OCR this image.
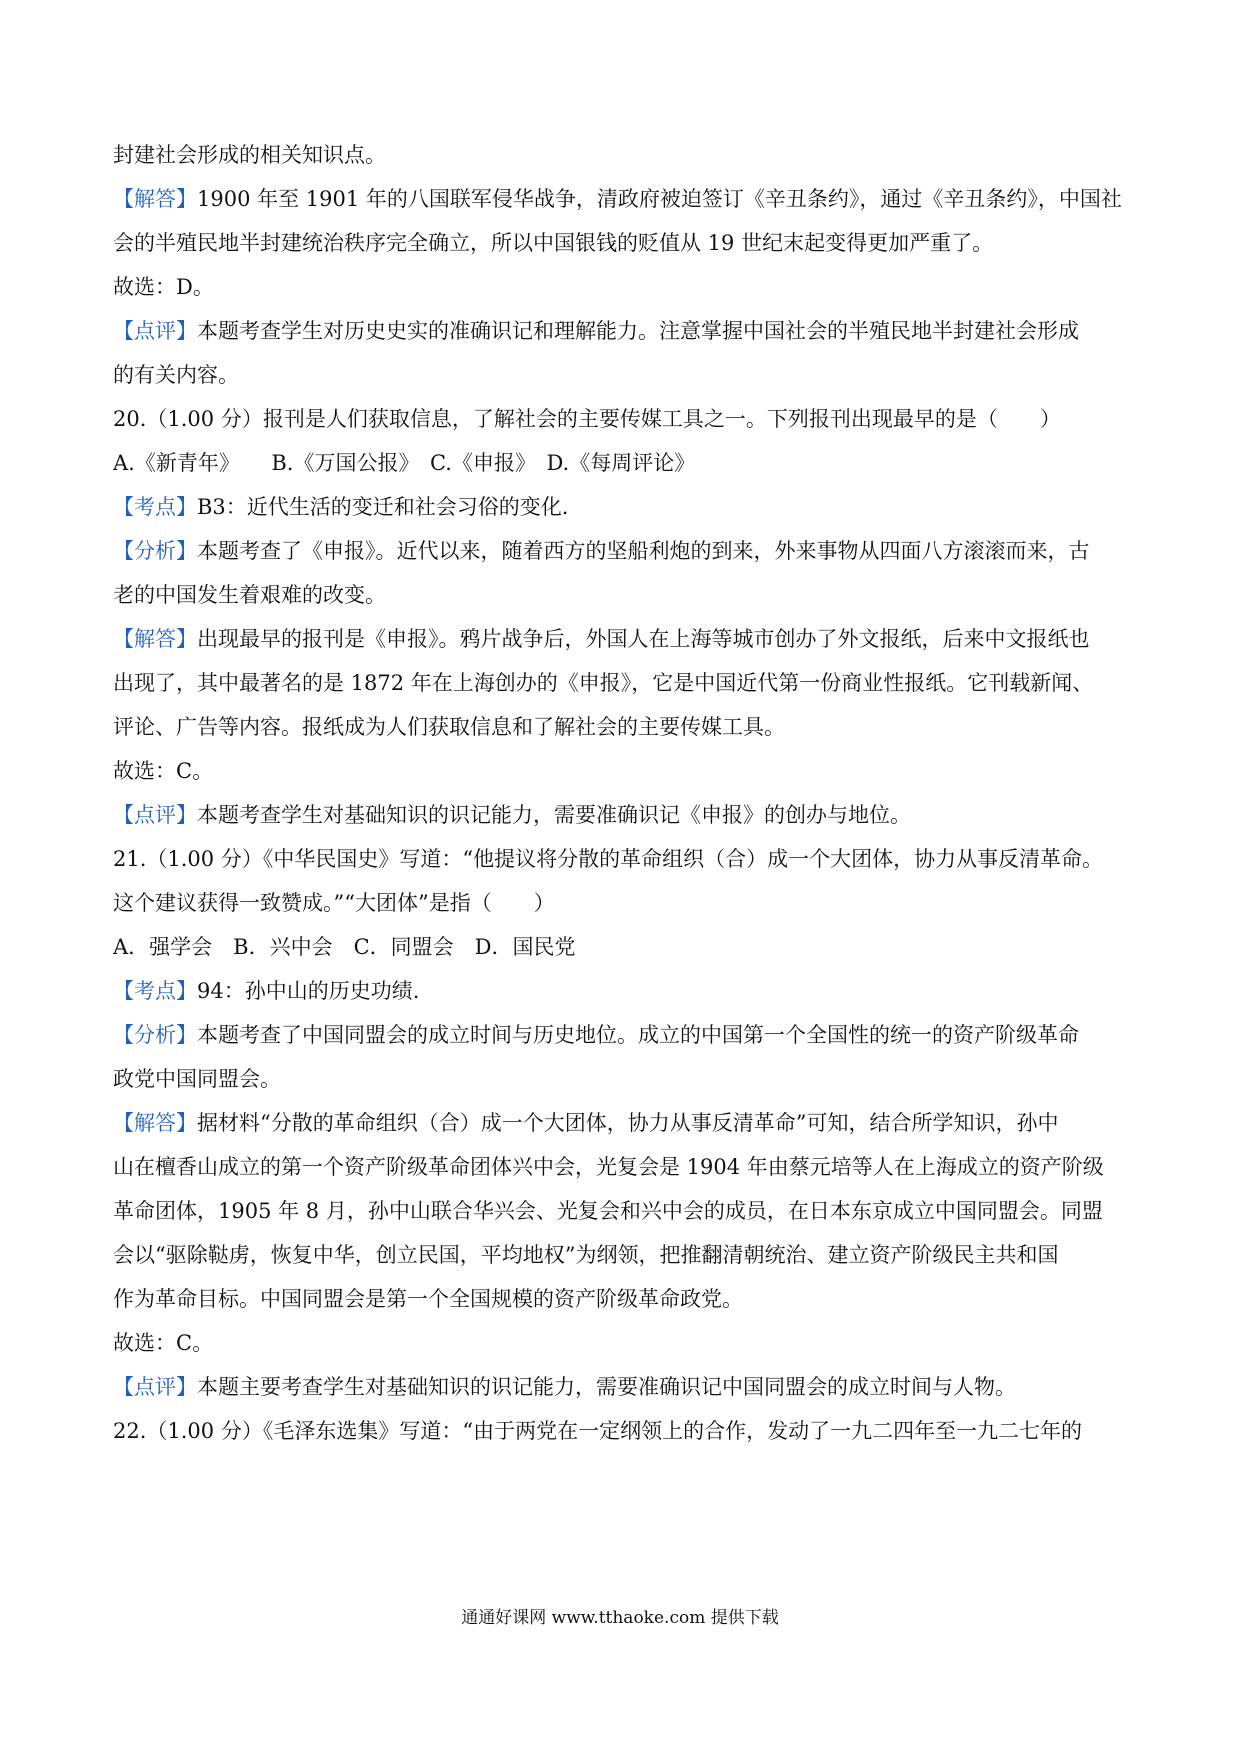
封建社会形成的相关知识点。
【解答】1900 年至 1901 年的八国联军侵华战争，清政府被迫签订《辛丑条约》，通过《辛丑条约》，中国社
会的半殖民地半封建统治秩序完全确立，所以中国银钱的贬值从 19 世纪末起变得更加严重了。
故选：D。
【点评】本题考查学生对历史史实的准确识记和理解能力。注意掌握中国社会的半殖民地半封建社会形成
的有关内容。
20.（1.00 分）报刊是人们获取信息，了解社会的主要传媒工具之一。下列报刊出现最早的是（　　）
A.《新青年》　　B.《万国公报》　C.《申报》　D.《每周评论》
【考点】B3：近代生活的变迁和社会习俗的变化.
【分析】本题考查了《申报》。近代以来，随着西方的坚船利炮的到来，外来事物从四面八方滚滚而来，古
老的中国发生着艰难的改变。
【解答】出现最早的报刊是《申报》。鸦片战争后，外国人在上海等城市创办了外文报纸，后来中文报纸也
出现了，其中最著名的是 1872 年在上海创办的《申报》，它是中国近代第一份商业性报纸。它刊载新闻、
评论、广告等内容。报纸成为人们获取信息和了解社会的主要传媒工具。
故选：C。
【点评】本题考查学生对基础知识的识记能力，需要准确识记《申报》的创办与地位。
21.（1.00 分）《中华民国史》写道：“他提议将分散的革命组织（合）成一个大团体，协力从事反清革命。
这个建议获得一致赞成。”“大团体”是指（　　）
A．强学会　B．兴中会　C．同盟会　D．国民党
【考点】94：孙中山的历史功绩.
【分析】本题考查了中国同盟会的成立时间与历史地位。成立的中国第一个全国性的统一的资产阶级革命
政党中国同盟会。
【解答】据材料“分散的革命组织（合）成一个大团体，协力从事反清革命”可知，结合所学知识，孙中
山在檀香山成立的第一个资产阶级革命团体兴中会，光复会是 1904 年由蔡元培等人在上海成立的资产阶级
革命团体，1905 年 8 月，孙中山联合华兴会、光复会和兴中会的成员，在日本东京成立中国同盟会。同盟
会以“驱除鞑虏，恢复中华，创立民国，平均地权”为纲领，把推翻清朝统治、建立资产阶级民主共和国
作为革命目标。中国同盟会是第一个全国规模的资产阶级革命政党。
故选：C。
【点评】本题主要考查学生对基础知识的识记能力，需要准确识记中国同盟会的成立时间与人物。
22.（1.00 分）《毛泽东选集》写道：“由于两党在一定纲领上的合作，发动了一九二四年至一九二七年的
通通好课网 www.tthaoke.com 提供下载
